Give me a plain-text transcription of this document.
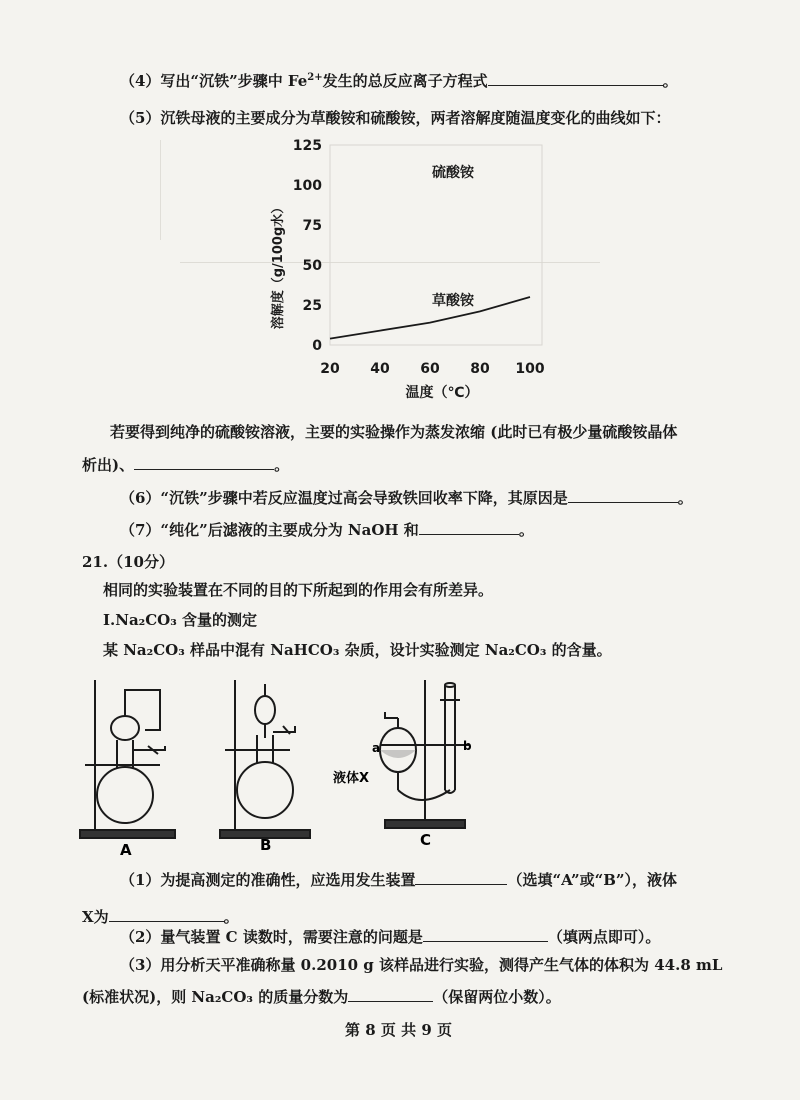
（4）写出“沉铁”步骤中 $Fe^{2+}$发生的总反应离子方程式	。
（5）沉铁母液的主要成分为草酸铵和硫酸铵，两者溶解度随温度变化的曲线如下：
0
25
50
75
100
125
20 40 60 80 100
温度（℃）
溶解度（g/100g水）
硫酸铵
草酸铵
若要得到纯净的硫酸铵溶液，主要的实验操作为蒸发浓缩 (此时已有极少量硫酸铵晶体
析出)、	。
（6）“沉铁”步骤中若反应温度过高会导致铁回收率下降，其原因是	。
（7）“纯化”后滤液的主要成分为 NaOH 和	。
21.（10分）
相同的实验装置在不同的目的下所起到的作用会有所差异。
Ⅰ.Na₂CO₃ 含量的测定
某 Na₂CO₃ 样品中混有 NaHCO₃ 杂质，设计实验测定 Na₂CO₃ 的含量。
A	B	C
a	b
液体X
（1）为提高测定的准确性，应选用发生装置	（选填“A”或“B”），液体
X为	。
（2）量气装置 C 读数时，需要注意的问题是	（填两点即可）。
（3）用分析天平准确称量 0.2010 g 该样品进行实验，测得产生气体的体积为 44.8 mL
(标准状况)，则 Na₂CO₃ 的质量分数为	（保留两位小数）。
第 8 页 共 9 页
